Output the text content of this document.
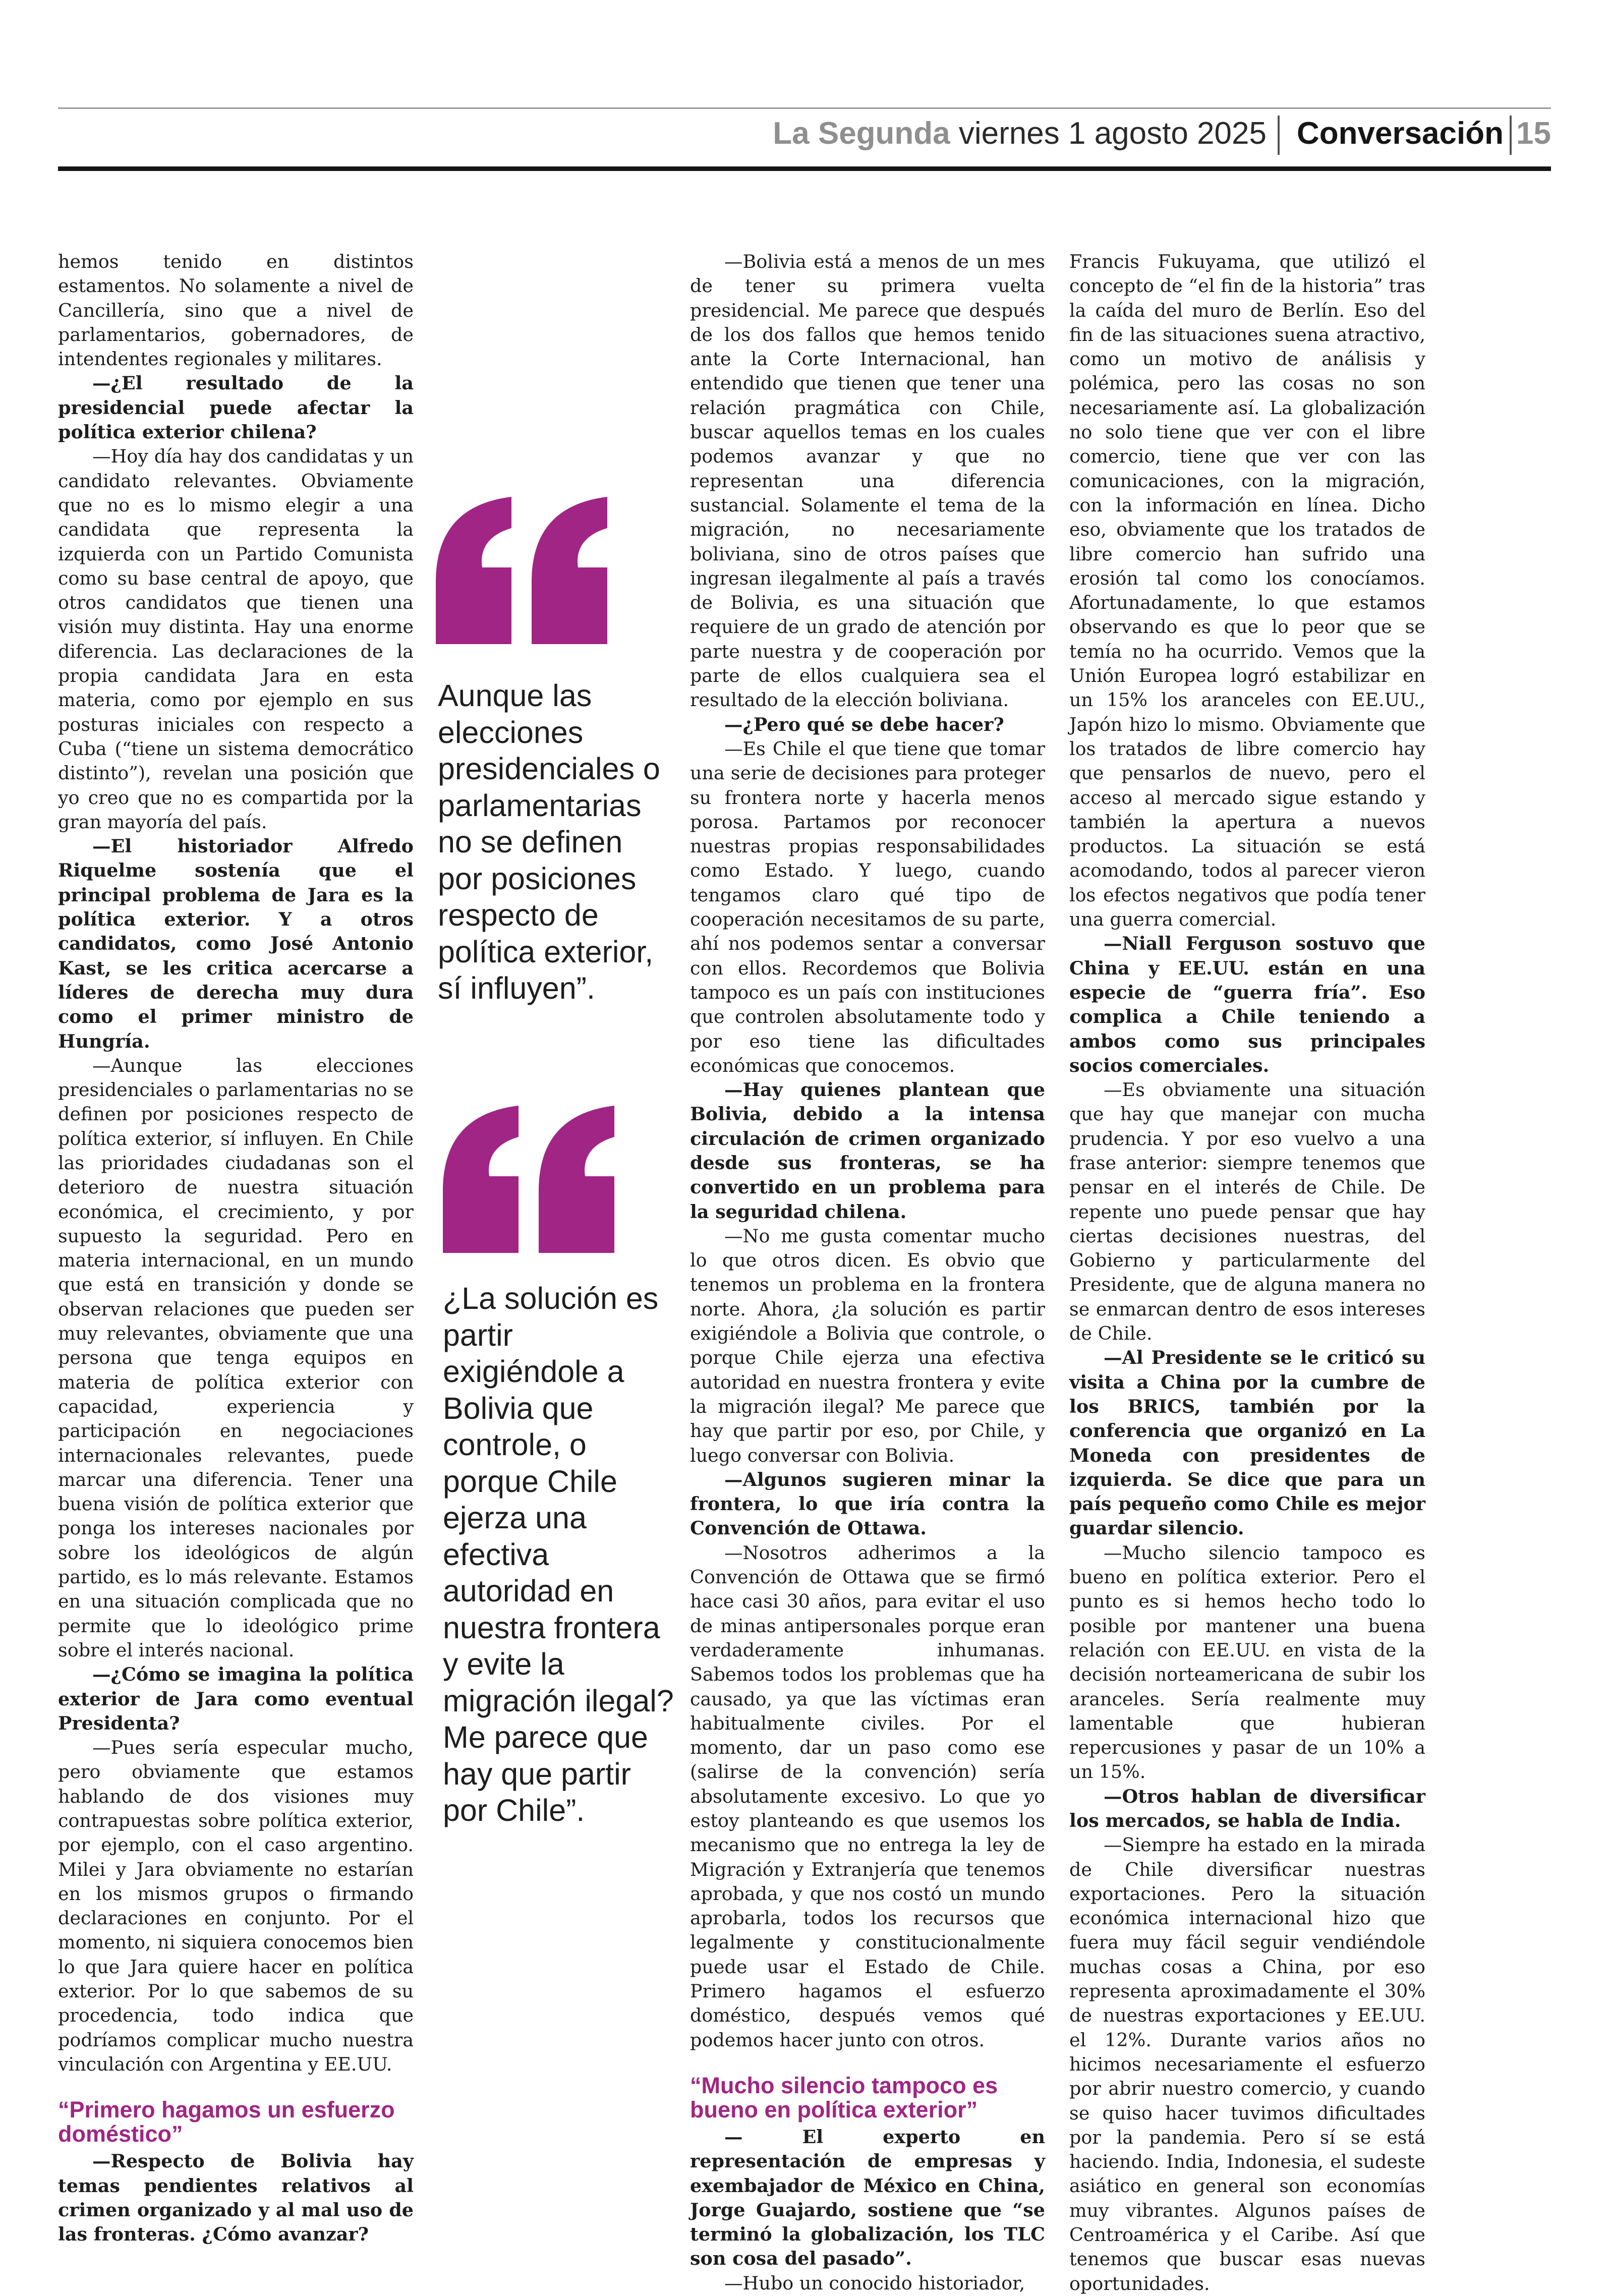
La Segunda viernes 1 agosto 2025 Conversación 15

hemos tenido en distintos estamentos. No solamente a nivel de Cancillería, sino que a nivel de parlamentarios, gobernadores, de intendentes regionales y militares.

—¿El resultado de la presidencial puede afectar la política exterior chilena?

—Hoy día hay dos candidatas y un candidato relevantes. Obviamente que no es lo mismo elegir a una candidata que representa la izquierda con un Partido Comunista como su base central de apoyo, que otros candidatos que tienen una visión muy distinta. Hay una enorme diferencia. Las declaraciones de la propia candidata Jara en esta materia, como por ejemplo en sus posturas iniciales con respecto a Cuba (“tiene un sistema democrático distinto”), revelan una posición que yo creo que no es compartida por la gran mayoría del país.

—El historiador Alfredo Riquelme sostenía que el principal problema de Jara es la política exterior. Y a otros candidatos, como José Antonio Kast, se les critica acercarse a líderes de derecha muy dura como el primer ministro de Hungría.

—Aunque las elecciones presidenciales o parlamentarias no se definen por posiciones respecto de política exterior, sí influyen. En Chile las prioridades ciudadanas son el deterioro de nuestra situación económica, el crecimiento, y por supuesto la seguridad. Pero en materia internacional, en un mundo que está en transición y donde se observan relaciones que pueden ser muy relevantes, obviamente que una persona que tenga equipos en materia de política exterior con capacidad, experiencia y participación en negociaciones internacionales relevantes, puede marcar una diferencia. Tener una buena visión de política exterior que ponga los intereses nacionales por sobre los ideológicos de algún partido, es lo más relevante. Estamos en una situación complicada que no permite que lo ideológico prime sobre el interés nacional.

—¿Cómo se imagina la política exterior de Jara como eventual Presidenta?

—Pues sería especular mucho, pero obviamente que estamos hablando de dos visiones muy contrapuestas sobre política exterior, por ejemplo, con el caso argentino. Milei y Jara obviamente no estarían en los mismos grupos o firmando declaraciones en conjunto. Por el momento, ni siquiera conocemos bien lo que Jara quiere hacer en política exterior. Por lo que sabemos de su procedencia, todo indica que podríamos complicar mucho nuestra vinculación con Argentina y EE.UU.

“Primero hagamos un esfuerzo doméstico”

—Respecto de Bolivia hay temas pendientes relativos al crimen organizado y al mal uso de las fronteras. ¿Cómo avanzar?

Aunque las elecciones presidenciales o parlamentarias no se definen por posiciones respecto de política exterior, sí influyen”.
¿La solución es partir exigiéndole a Bolivia que controle, o porque Chile ejerza una efectiva autoridad en nuestra frontera y evite la migración ilegal? Me parece que hay que partir por Chile”.

—Bolivia está a menos de un mes de tener su primera vuelta presidencial. Me parece que después de los dos fallos que hemos tenido ante la Corte Internacional, han entendido que tienen que tener una relación pragmática con Chile, buscar aquellos temas en los cuales podemos avanzar y que no representan una diferencia sustancial. Solamente el tema de la migración, no necesariamente boliviana, sino de otros países que ingresan ilegalmente al país a través de Bolivia, es una situación que requiere de un grado de atención por parte nuestra y de cooperación por parte de ellos cualquiera sea el resultado de la elección boliviana.

—¿Pero qué se debe hacer?

—Es Chile el que tiene que tomar una serie de decisiones para proteger su frontera norte y hacerla menos porosa. Partamos por reconocer nuestras propias responsabilidades como Estado. Y luego, cuando tengamos claro qué tipo de cooperación necesitamos de su parte, ahí nos podemos sentar a conversar con ellos. Recordemos que Bolivia tampoco es un país con instituciones que controlen absolutamente todo y por eso tiene las dificultades económicas que conocemos.

—Hay quienes plantean que Bolivia, debido a la intensa circulación de crimen organizado desde sus fronteras, se ha convertido en un problema para la seguridad chilena.

—No me gusta comentar mucho lo que otros dicen. Es obvio que tenemos un problema en la frontera norte. Ahora, ¿la solución es partir exigiéndole a Bolivia que controle, o porque Chile ejerza una efectiva autoridad en nuestra frontera y evite la migración ilegal? Me parece que hay que partir por eso, por Chile, y luego conversar con Bolivia.

—Algunos sugieren minar la frontera, lo que iría contra la Convención de Ottawa.

—Nosotros adherimos a la Convención de Ottawa que se firmó hace casi 30 años, para evitar el uso de minas antipersonales porque eran verdaderamente inhumanas. Sabemos todos los problemas que ha causado, ya que las víctimas eran habitualmente civiles. Por el momento, dar un paso como ese (salirse de la convención) sería absolutamente excesivo. Lo que yo estoy planteando es que usemos los mecanismo que no entrega la ley de Migración y Extranjería que tenemos aprobada, y que nos costó un mundo aprobarla, todos los recursos que legalmente y constitucionalmente puede usar el Estado de Chile. Primero hagamos el esfuerzo doméstico, después vemos qué podemos hacer junto con otros.

“Mucho silencio tampoco es bueno en política exterior”

— El experto en representación de empresas y exembajador de México en China, Jorge Guajardo, sostiene que “se terminó la globalización, los TLC son cosa del pasado”.

—Hubo un conocido historiador,

Francis Fukuyama, que utilizó el concepto de “el fin de la historia” tras la caída del muro de Berlín. Eso del fin de las situaciones suena atractivo, como un motivo de análisis y polémica, pero las cosas no son necesariamente así. La globalización no solo tiene que ver con el libre comercio, tiene que ver con las comunicaciones, con la migración, con la información en línea. Dicho eso, obviamente que los tratados de libre comercio han sufrido una erosión tal como los conocíamos. Afortunadamente, lo que estamos observando es que lo peor que se temía no ha ocurrido. Vemos que la Unión Europea logró estabilizar en un 15% los aranceles con EE.UU., Japón hizo lo mismo. Obviamente que los tratados de libre comercio hay que pensarlos de nuevo, pero el acceso al mercado sigue estando y también la apertura a nuevos productos. La situación se está acomodando, todos al parecer vieron los efectos negativos que podía tener una guerra comercial.

—Niall Ferguson sostuvo que China y EE.UU. están en una especie de “guerra fría”. Eso complica a Chile teniendo a ambos como sus principales socios comerciales.

—Es obviamente una situación que hay que manejar con mucha prudencia. Y por eso vuelvo a una frase anterior: siempre tenemos que pensar en el interés de Chile. De repente uno puede pensar que hay ciertas decisiones nuestras, del Gobierno y particularmente del Presidente, que de alguna manera no se enmarcan dentro de esos intereses de Chile.

—Al Presidente se le criticó su visita a China por la cumbre de los BRICS, también por la conferencia que organizó en La Moneda con presidentes de izquierda. Se dice que para un país pequeño como Chile es mejor guardar silencio.

—Mucho silencio tampoco es bueno en política exterior. Pero el punto es si hemos hecho todo lo posible por mantener una buena relación con EE.UU. en vista de la decisión norteamericana de subir los aranceles. Sería realmente muy lamentable que hubieran repercusiones y pasar de un 10% a un 15%.

—Otros hablan de diversificar los mercados, se habla de India.

—Siempre ha estado en la mirada de Chile diversificar nuestras exportaciones. Pero la situación económica internacional hizo que fuera muy fácil seguir vendiéndole muchas cosas a China, por eso representa aproximadamente el 30% de nuestras exportaciones y EE.UU. el 12%. Durante varios años no hicimos necesariamente el esfuerzo por abrir nuestro comercio, y cuando se quiso hacer tuvimos dificultades por la pandemia. Pero sí se está haciendo. India, Indonesia, el sudeste asiático en general son economías muy vibrantes. Algunos países de Centroamérica y el Caribe. Así que tenemos que buscar esas nuevas oportunidades.
